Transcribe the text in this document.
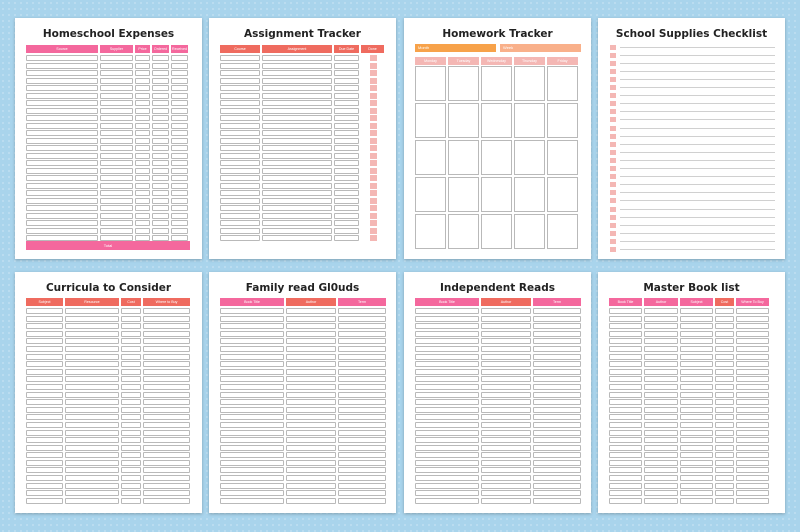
Homeschool Expenses
Source	Supplier	Price	Ordered	Received
Total
Assignment Tracker
Course	Assignment	Due Date	Done
Homework Tracker
Month	Week
Monday	Tuesday	Wednesday	Thursday	Friday
School Supplies Checklist
Curricula to Consider
Subject	Resource	Cost	Where to Buy
Family read Gl0uds
Book Title	Author	Term
Independent Reads
Book Title	Author	Term
Master Book list
Book Title	Author	Subject	Cost	Where To Buy
